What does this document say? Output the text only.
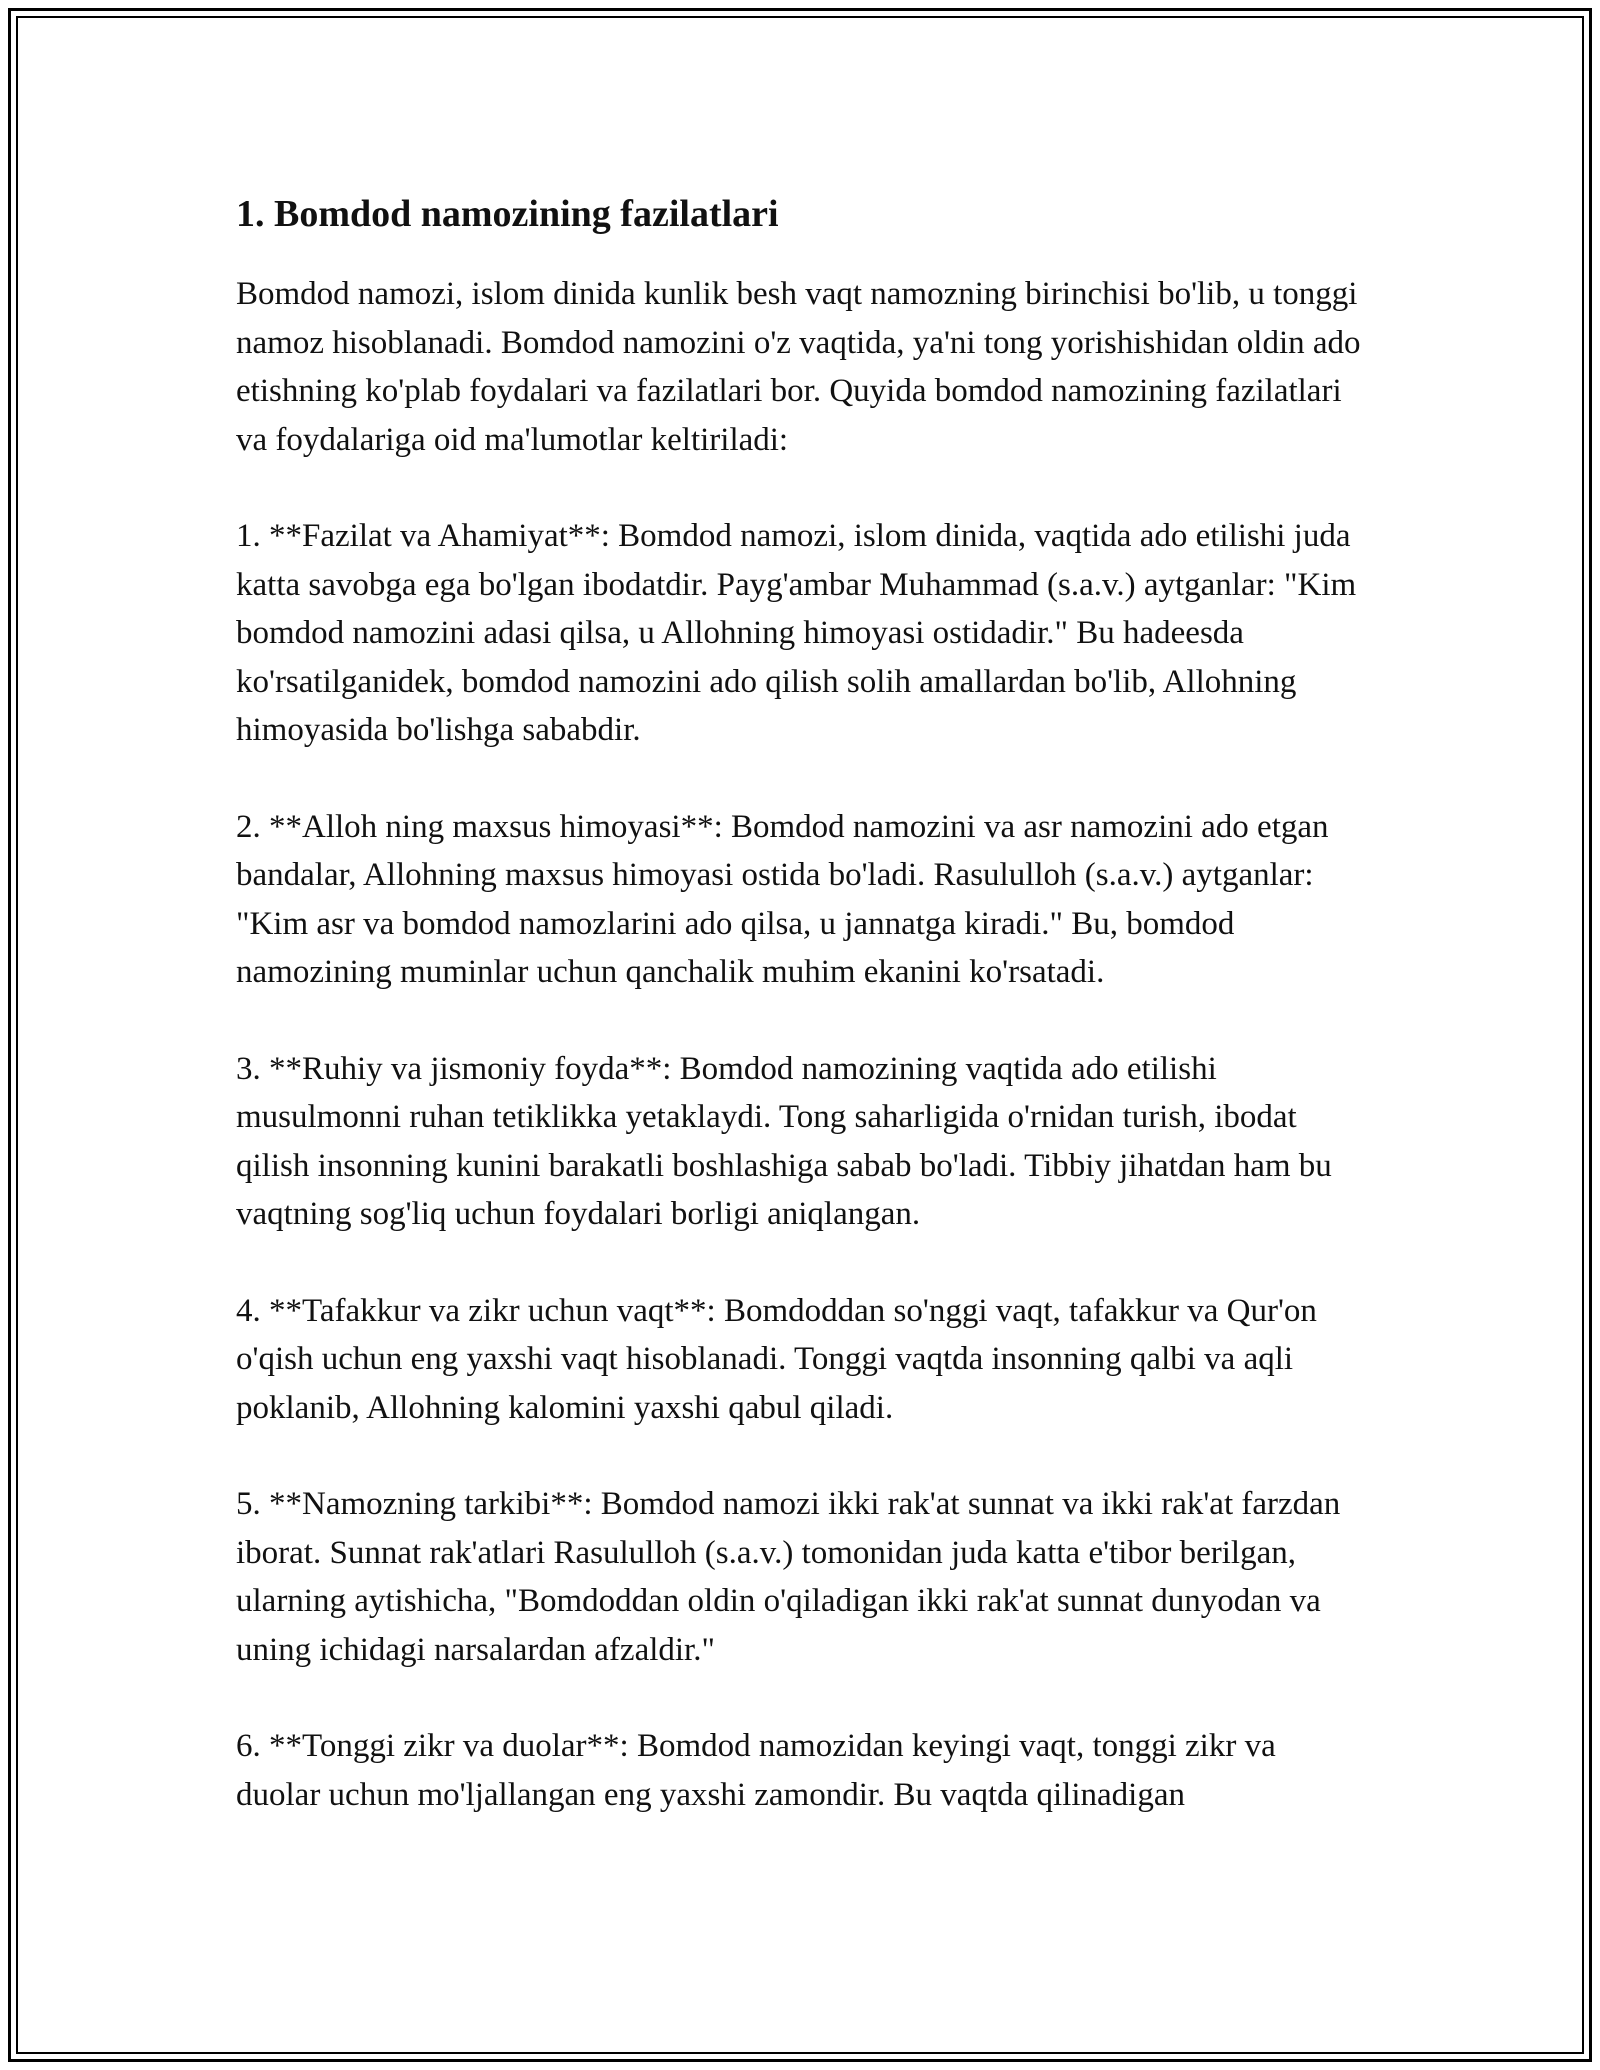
1. Bomdod namozining fazilatlari

Bomdod namozi, islom dinida kunlik besh vaqt namozning birinchisi bo'lib, u tonggi namoz hisoblanadi. Bomdod namozini o'z vaqtida, ya'ni tong yorishishidan oldin ado etishning ko'plab foydalari va fazilatlari bor. Quyida bomdod namozining fazilatlari va foydalariga oid ma'lumotlar keltiriladi:

1. **Fazilat va Ahamiyat**: Bomdod namozi, islom dinida, vaqtida ado etilishi juda katta savobga ega bo'lgan ibodatdir. Payg'ambar Muhammad (s.a.v.) aytganlar: "Kim bomdod namozini adasi qilsa, u Allohning himoyasi ostidadir." Bu hadeesda ko'rsatilganidek, bomdod namozini ado qilish solih amallardan bo'lib, Allohning himoyasida bo'lishga sababdir.

2. **Alloh ning maxsus himoyasi**: Bomdod namozini va asr namozini ado etgan bandalar, Allohning maxsus himoyasi ostida bo'ladi. Rasululloh (s.a.v.) aytganlar: "Kim asr va bomdod namozlarini ado qilsa, u jannatga kiradi." Bu, bomdod namozining muminlar uchun qanchalik muhim ekanini ko'rsatadi.

3. **Ruhiy va jismoniy foyda**: Bomdod namozining vaqtida ado etilishi musulmonni ruhan tetiklikka yetaklaydi. Tong saharligida o'rnidan turish, ibodat qilish insonning kunini barakatli boshlashiga sabab bo'ladi. Tibbiy jihatdan ham bu vaqtning sog'liq uchun foydalari borligi aniqlangan.

4. **Tafakkur va zikr uchun vaqt**: Bomdoddan so'nggi vaqt, tafakkur va Qur'on o'qish uchun eng yaxshi vaqt hisoblanadi. Tonggi vaqtda insonning qalbi va aqli poklanib, Allohning kalomini yaxshi qabul qiladi.

5. **Namozning tarkibi**: Bomdod namozi ikki rak'at sunnat va ikki rak'at farzdan iborat. Sunnat rak'atlari Rasululloh (s.a.v.) tomonidan juda katta e'tibor berilgan, ularning aytishicha, "Bomdoddan oldin o'qiladigan ikki rak'at sunnat dunyodan va uning ichidagi narsalardan afzaldir."

6. **Tonggi zikr va duolar**: Bomdod namozidan keyingi vaqt, tonggi zikr va duolar uchun mo'ljallangan eng yaxshi zamondir. Bu vaqtda qilinadigan
